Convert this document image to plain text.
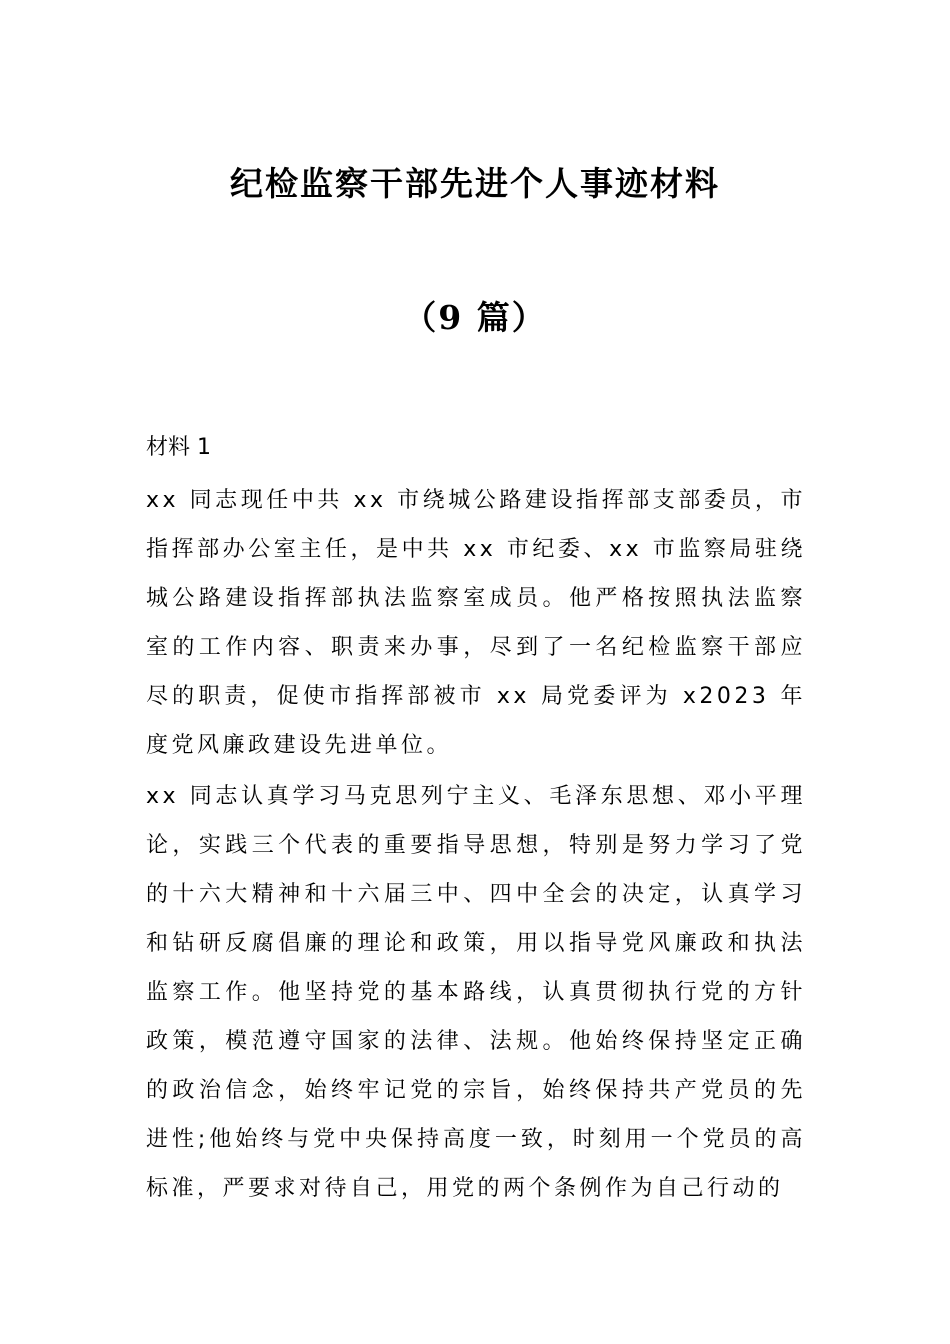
纪检监察干部先进个人事迹材料
（9 篇）
材料 1

xx 同志现任中共 xx 市绕城公路建设指挥部支部委员，市指挥部办公室主任，是中共 xx 市纪委、xx 市监察局驻绕城公路建设指挥部执法监察室成员。他严格按照执法监察室的工作内容、职责来办事，尽到了一名纪检监察干部应尽的职责，促使市指挥部被市 xx 局党委评为 x2023 年度党风廉政建设先进单位。

xx 同志认真学习马克思列宁主义、毛泽东思想、邓小平理论，实践三个代表的重要指导思想，特别是努力学习了党的十六大精神和十六届三中、四中全会的决定，认真学习和钻研反腐倡廉的理论和政策，用以指导党风廉政和执法监察工作。他坚持党的基本路线，认真贯彻执行党的方针政策，模范遵守国家的法律、法规。他始终保持坚定正确的政治信念，始终牢记党的宗旨，始终保持共产党员的先进性;他始终与党中央保持高度一致，时刻用一个党员的高标准，严要求对待自己，用党的两个条例作为自己行动的
